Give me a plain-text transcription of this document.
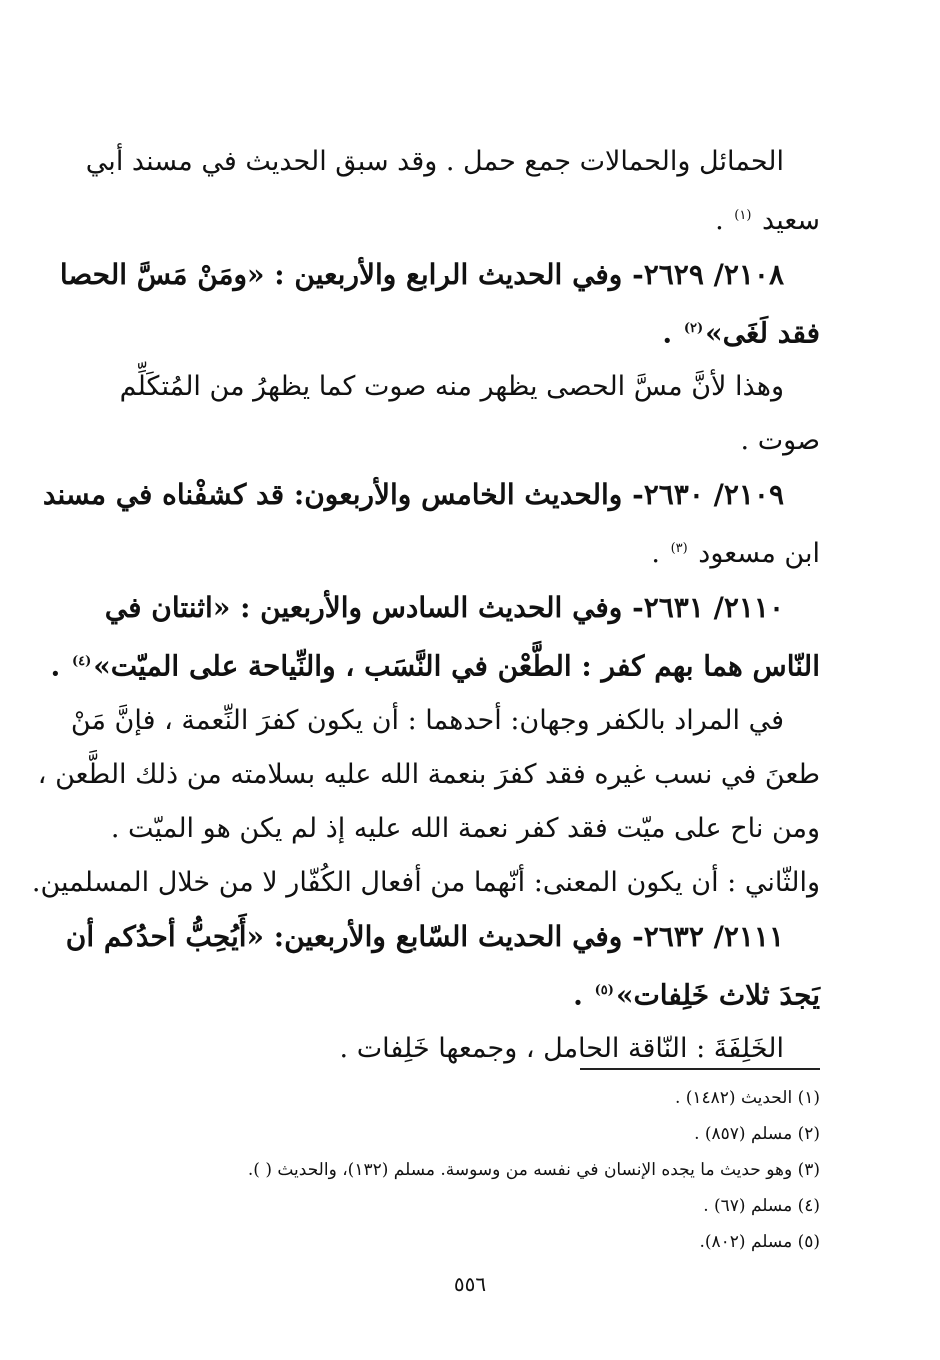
الحمائل والحمالات جمع حمل . وقد سبق الحديث في مسند أبي
سعيد $^{(١)}$ .
٢١٠٨/ ٢٦٢٩- وفي الحديث الرابع والأربعين : «ومَنْ مَسَّ الحصا
فقد لَغَى»$^{(٢)}$ .
وهذا لأنَّ مسَّ الحصى يظهر منه صوت كما يظهرُ من المُتكَلِّم
صوت .
٢١٠٩/ ٢٦٣٠- والحديث الخامس والأربعون: قد كشفْناه في مسند
ابن مسعود $^{(٣)}$ .
٢١١٠/ ٢٦٣١- وفي الحديث السادس والأربعين : «اثنتان في
النّاس هما بهم كفر : الطَّعْن في النَّسَب ، والنِّياحة على الميّت»$^{(٤)}$ .
في المراد بالكفر وجهان: أحدهما : أن يكون كفرَ النِّعمة ، فإنَّ مَنْ
طعنَ في نسب غيره فقد كفرَ بنعمة الله عليه بسلامته من ذلك الطَّعن ،
ومن ناح على ميّت فقد كفر نعمة الله عليه إذ لم يكن هو الميّت .
والثّاني : أن يكون المعنى: أنّهما من أفعال الكُفّار لا من خلال المسلمين.
٢١١١/ ٢٦٣٢- وفي الحديث السّابع والأربعين: «أَيُحِبُّ أحدُكم أن
يَجدَ ثلاث خَلِفات»$^{(٥)}$ .
الخَلِفَةَ : النّاقة الحامل ، وجمعها خَلِفات .
(١) الحديث (١٤٨٢) .
(٢) مسلم (٨٥٧) .
(٣) وهو حديث ما يجده الإنسان في نفسه من وسوسة. مسلم (١٣٢)، والحديث ( ).
(٤) مسلم (٦٧) .
(٥) مسلم (٨٠٢).
٥٥٦
